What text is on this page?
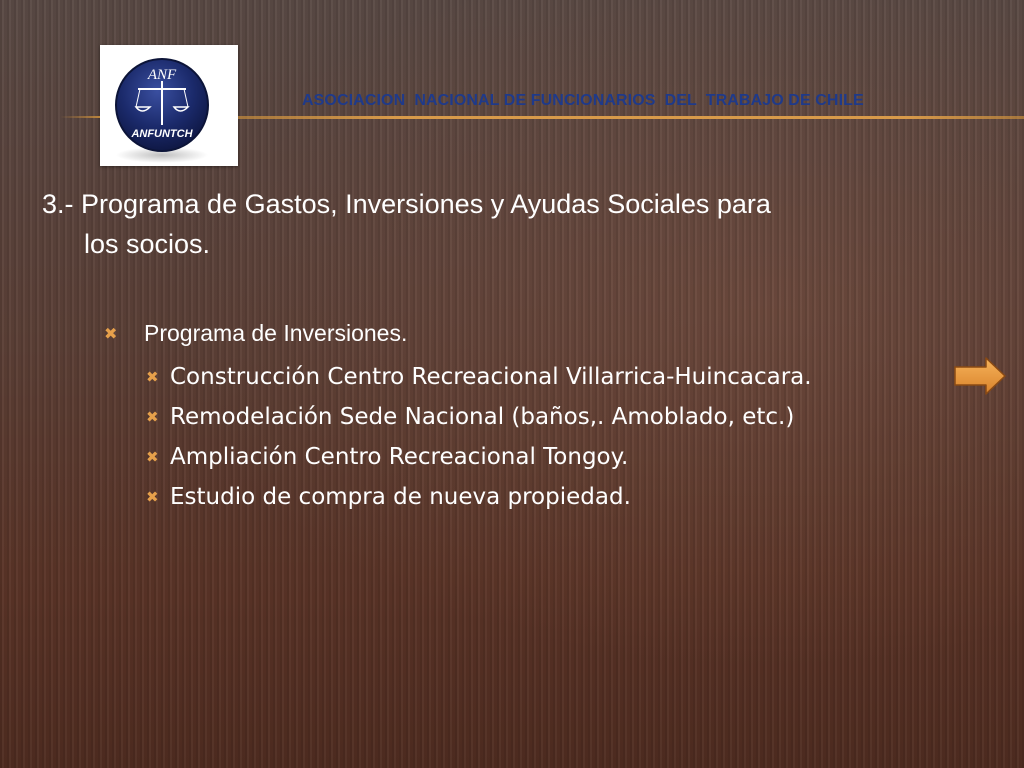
ANF
ANFUNTCH
ASOCIACION  NACIONAL DE FUNCIONARIOS  DEL  TRABAJO DE CHILE
3.- Programa de Gastos, Inversiones y Ayudas Sociales para
los socios.
✖	Programa de Inversiones.
✖ Construcción Centro Recreacional Villarrica-Huincacara.
✖ Remodelación Sede Nacional (baños,. Amoblado, etc.)
✖ Ampliación Centro Recreacional Tongoy.
✖ Estudio de compra de nueva propiedad.
